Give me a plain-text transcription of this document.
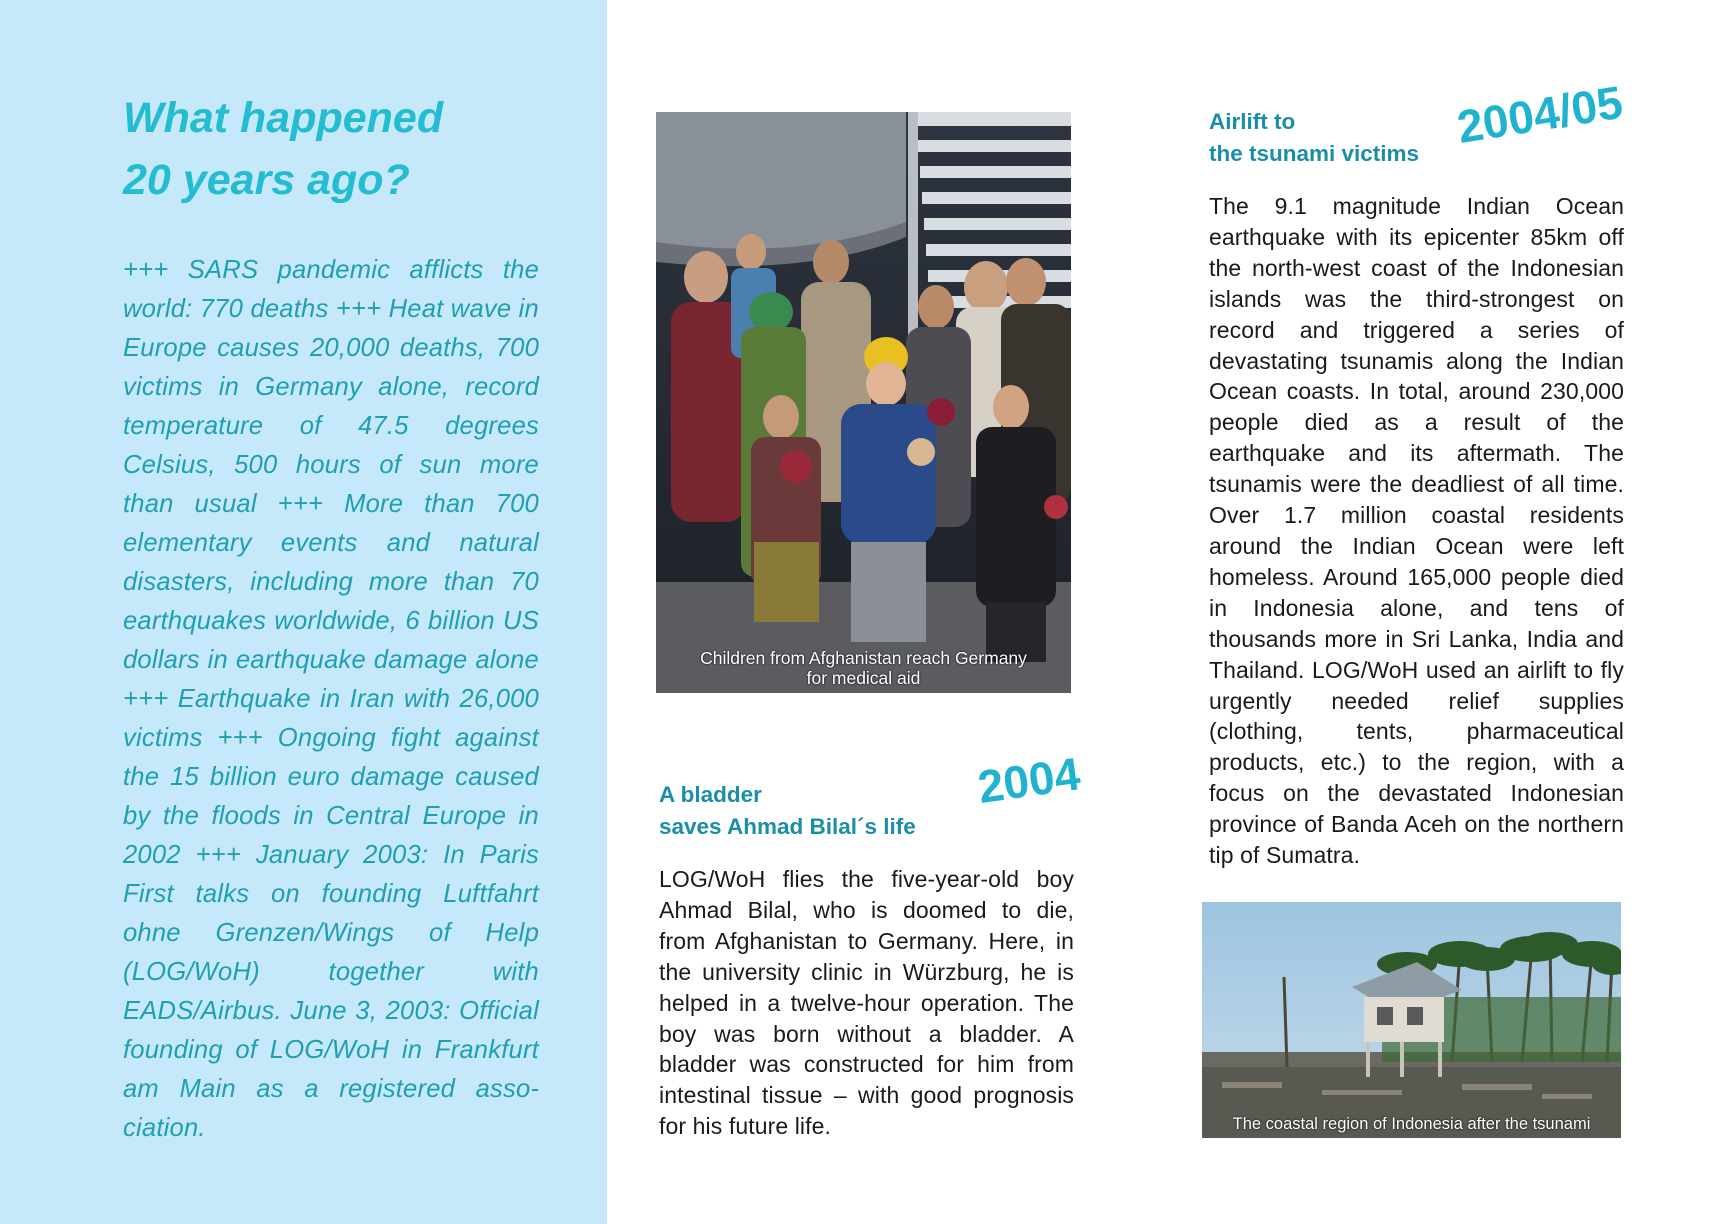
What happened
20 years ago?
+++ SARS pandemic afflicts the world: 770 deaths +++ Heat wave in Europe causes 20,000 deaths, 700 victims in Germany alone, record temperature of 47.5 degrees Celsius, 500 hours of sun more than usual +++ More than 700 elementary events and natural disasters, including more than 70 earthquakes worldwide, 6 billion US dollars in earthquake damage alone +++ Earthquake in Iran with 26,000 victims +++ Ongoing fight against the 15 billion euro damage caused by the floods in Central Europe in 2002 +++ January 2003: In Paris First talks on founding Luftfahrt ohne Grenzen/Wings of Help (LOG/WoH) together with EADS/Airbus. June 3, 2003: Official founding of LOG/WoH in Frankfurt am Main as a registered association.
Children from Afghanistan reach Germany
for medical aid
A bladder
saves Ahmad Bilal´s life
2004
LOG/WoH flies the five-year-old boy Ahmad Bilal, who is doomed to die, from Afghanistan to Germany. Here, in the university clinic in Würzburg, he is helped in a twelve-hour operation. The boy was born without a bladder. A bladder was constructed for him from intestinal tissue – with good prognosis for his future life.
Airlift to
the tsunami victims
2004/05
The 9.1 magnitude Indian Ocean earthquake with its epicenter 85km off the north-west coast of the Indonesian islands was the third-strongest on record and triggered a series of devastating tsunamis along the Indian Ocean coasts. In total, around 230,000 people died as a result of the earthquake and its aftermath. The tsunamis were the deadliest of all time. Over 1.7 million coastal residents around the Indian Ocean were left homeless. Around 165,000 people died in Indonesia alone, and tens of thousands more in Sri Lanka, India and Thailand. LOG/WoH used an airlift to fly urgently needed relief supplies (clothing, tents, pharmaceutical products, etc.) to the region, with a focus on the devastated Indonesian province of Banda Aceh on the northern tip of Sumatra.
The coastal region of Indonesia after the tsunami
